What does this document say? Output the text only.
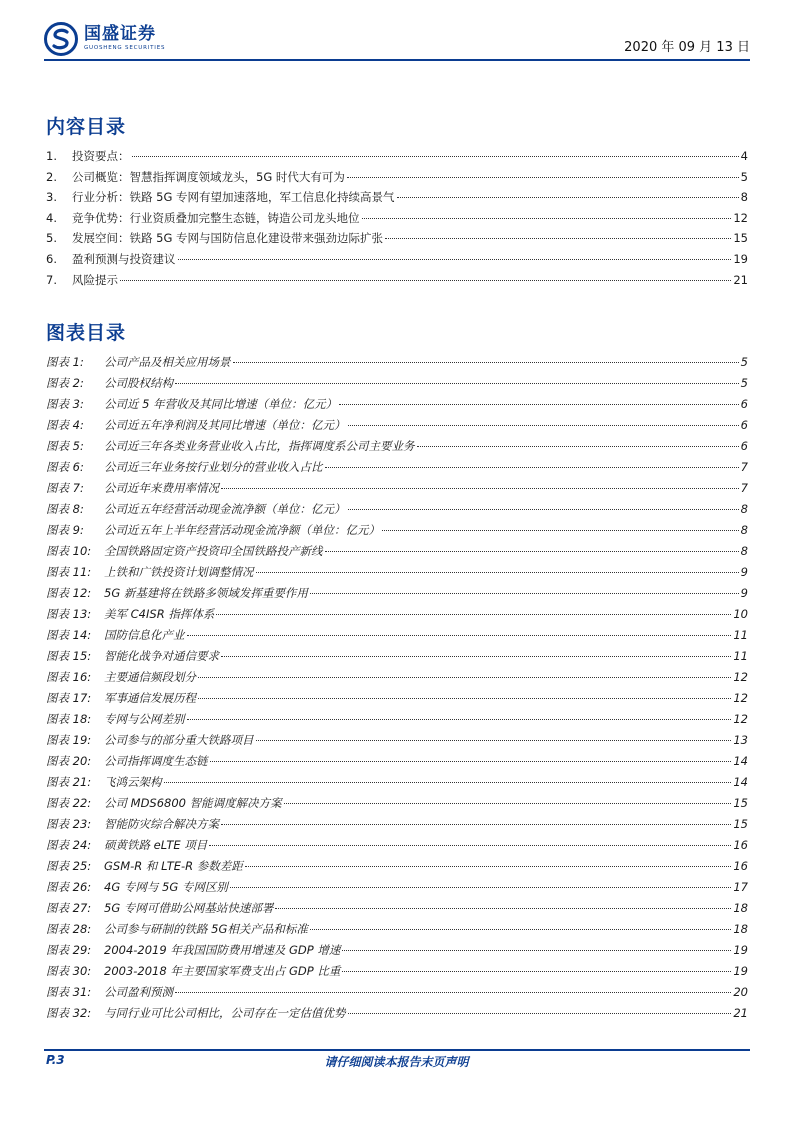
国盛证券
GUOSHENG SECURITIES	2020 年 09 月 13 日
内容目录
1.	投资要点：	4
2.	公司概览：智慧指挥调度领域龙头，5G 时代大有可为	5
3.	行业分析：铁路 5G 专网有望加速落地，军工信息化持续高景气	8
4.	竞争优势：行业资质叠加完整生态链，铸造公司龙头地位	12
5.	发展空间：铁路 5G 专网与国防信息化建设带来强劲边际扩张	15
6.	盈利预测与投资建议	19
7.	风险提示	21
图表目录
图表 1:	公司产品及相关应用场景	5
图表 2:	公司股权结构	5
图表 3:	公司近 5 年营收及其同比增速（单位：亿元）	6
图表 4:	公司近五年净利润及其同比增速（单位：亿元）	6
图表 5:	公司近三年各类业务营业收入占比，指挥调度系公司主要业务	6
图表 6:	公司近三年业务按行业划分的营业收入占比	7
图表 7:	公司近年来费用率情况	7
图表 8:	公司近五年经营活动现金流净额（单位：亿元）	8
图表 9:	公司近五年上半年经营活动现金流净额（单位：亿元）	8
图表 10:	全国铁路固定资产投资印全国铁路投产新线	8
图表 11:	上铁和广铁投资计划调整情况	9
图表 12:	5G 新基建将在铁路多领域发挥重要作用	9
图表 13:	美军 C4ISR 指挥体系	10
图表 14:	国防信息化产业	11
图表 15:	智能化战争对通信要求	11
图表 16:	主要通信频段划分	12
图表 17:	军事通信发展历程	12
图表 18:	专网与公网差别	12
图表 19:	公司参与的部分重大铁路项目	13
图表 20:	公司指挥调度生态链	14
图表 21:	飞鸿云架构	14
图表 22:	公司 MDS6800 智能调度解决方案	15
图表 23:	智能防灾综合解决方案	15
图表 24:	硕黄铁路 eLTE 项目	16
图表 25:	GSM-R 和 LTE-R 参数差距	16
图表 26:	4G 专网与 5G 专网区别	17
图表 27:	5G 专网可借助公网基站快速部署	18
图表 28:	公司参与研制的铁路 5G相关产品和标准	18
图表 29:	2004-2019 年我国国防费用增速及 GDP 增速	19
图表 30:	2003-2018 年主要国家军费支出占 GDP 比重	19
图表 31:	公司盈利预测	20
图表 32:	与同行业可比公司相比，公司存在一定估值优势	21
P.3	请仔细阅读本报告末页声明
